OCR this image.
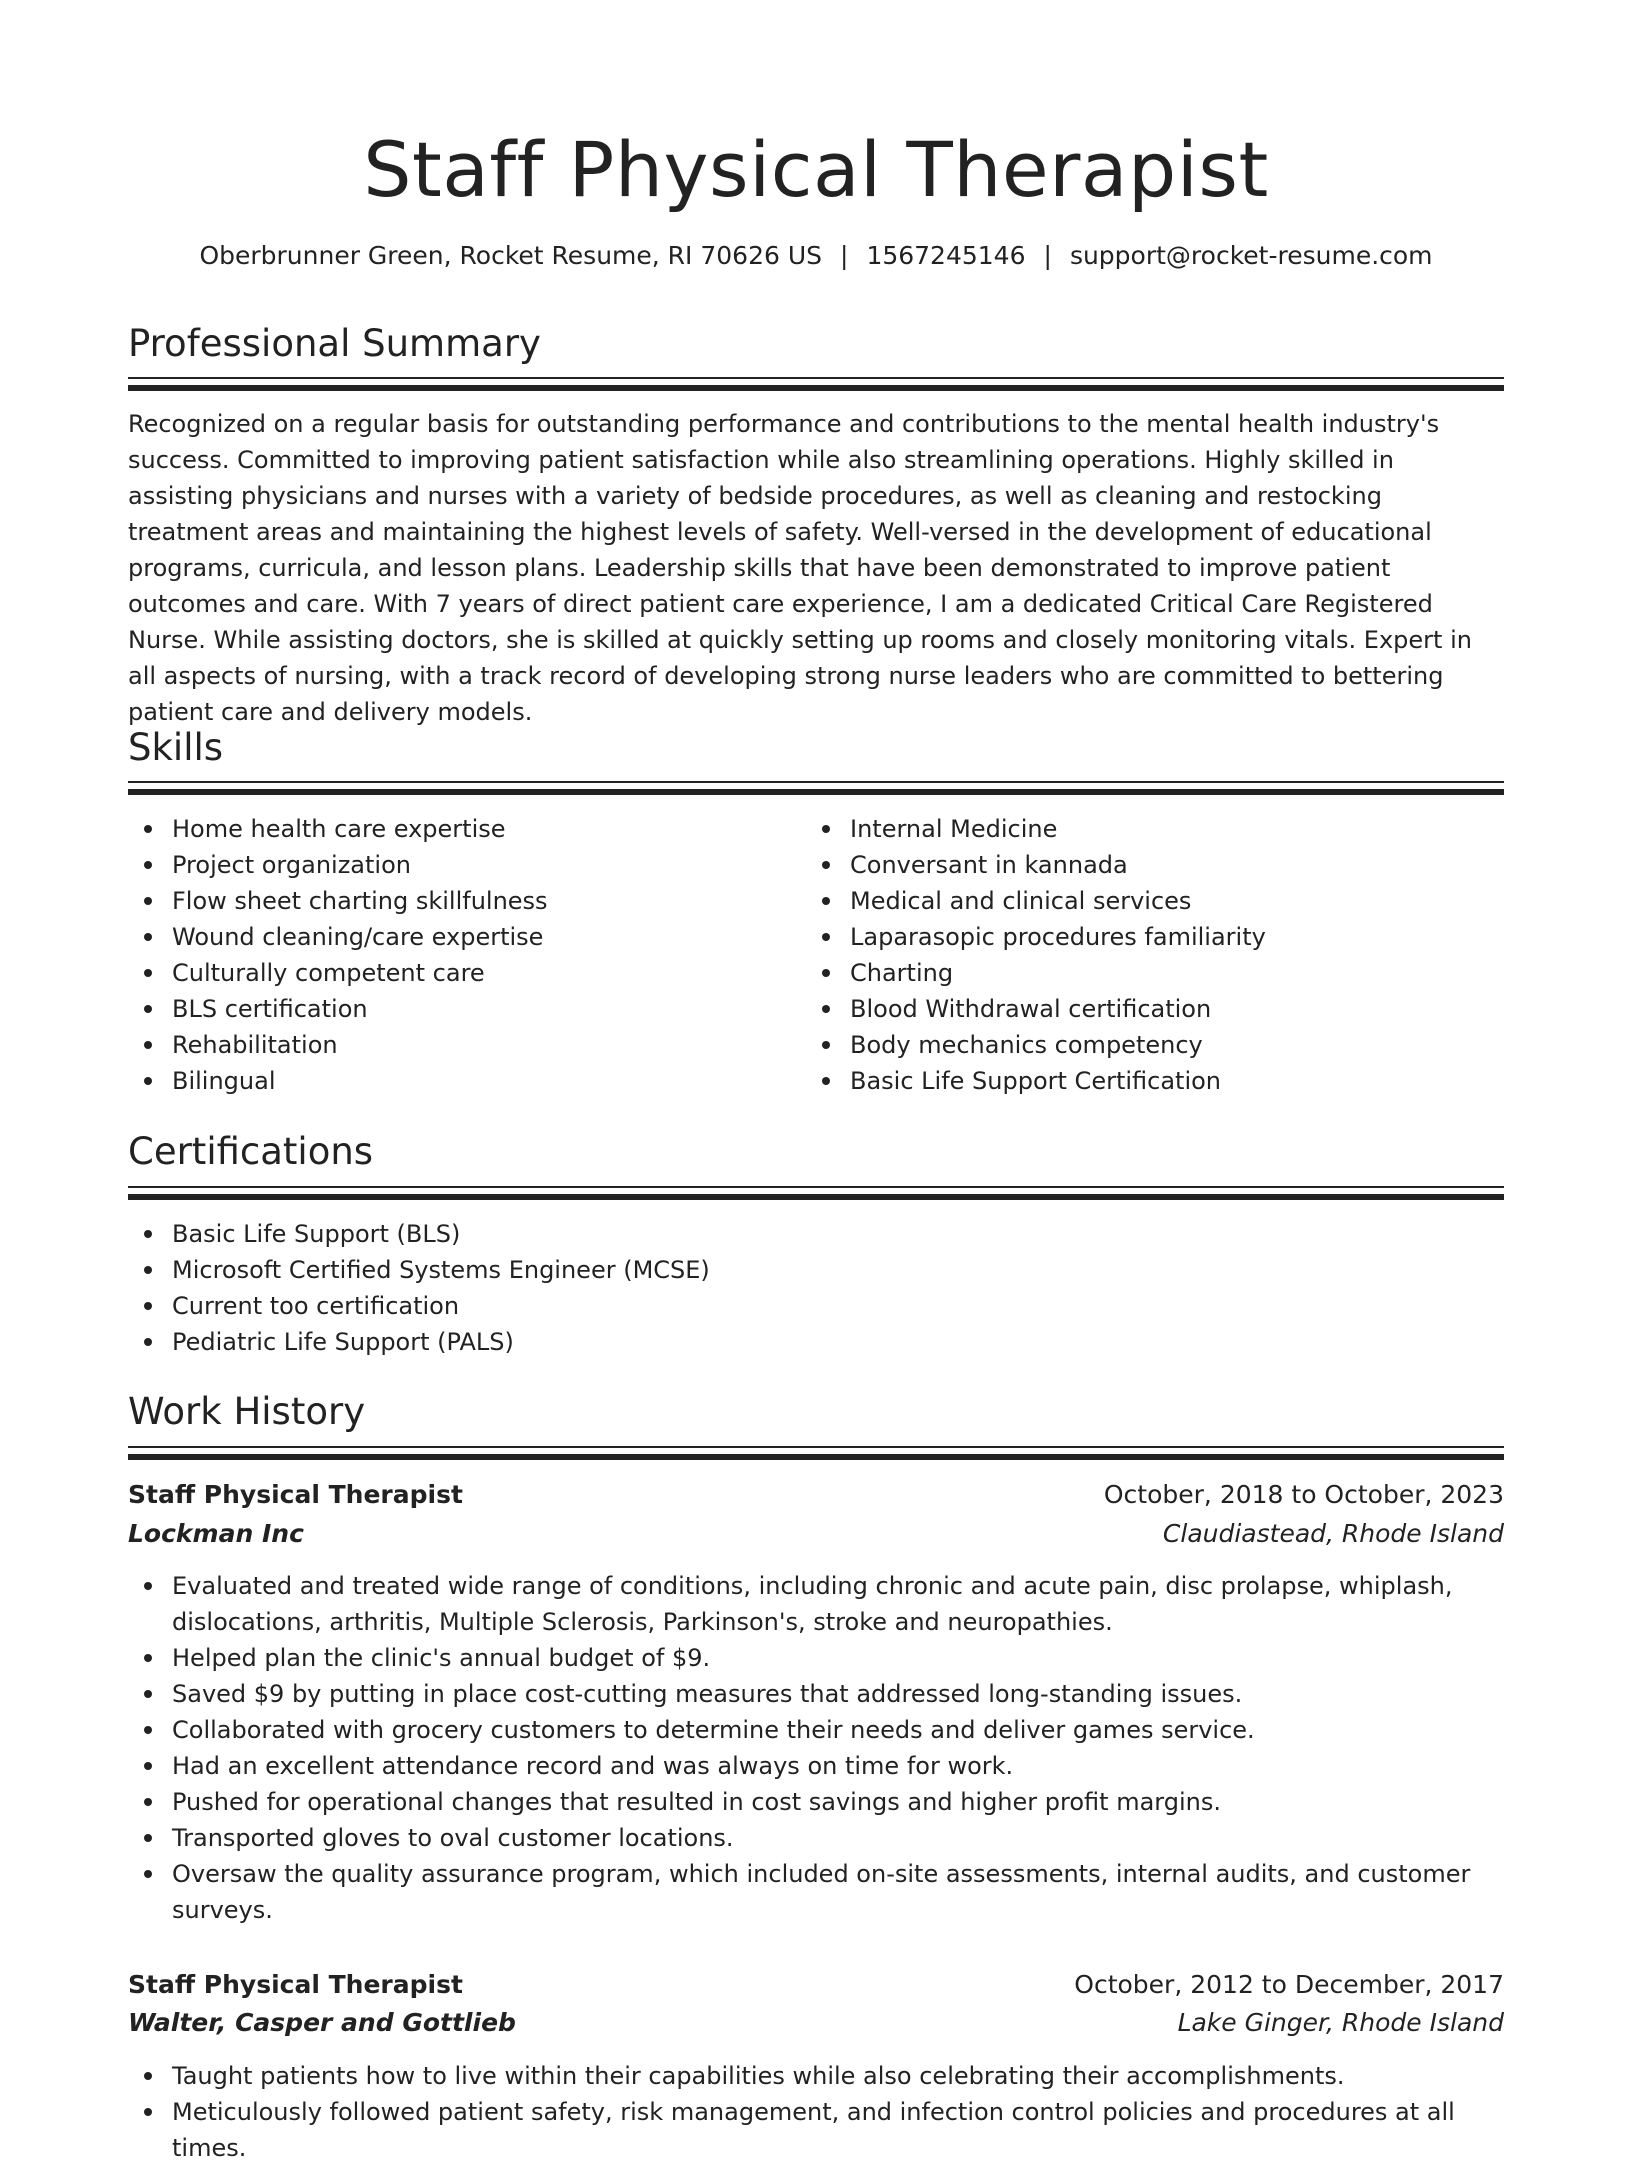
Staff Physical Therapist
Oberbrunner Green, Rocket Resume, RI 70626 US | 1567245146 | support@rocket-resume.com
Professional Summary

Recognized on a regular basis for outstanding performance and contributions to the mental health industry's success. Committed to improving patient satisfaction while also streamlining operations. Highly skilled in assisting physicians and nurses with a variety of bedside procedures, as well as cleaning and restocking treatment areas and maintaining the highest levels of safety. Well-versed in the development of educational programs, curricula, and lesson plans. Leadership skills that have been demonstrated to improve patient outcomes and care. With 7 years of direct patient care experience, I am a dedicated Critical Care Registered Nurse. While assisting doctors, she is skilled at quickly setting up rooms and closely monitoring vitals. Expert in all aspects of nursing, with a track record of developing strong nurse leaders who are committed to bettering patient care and delivery models.

Skills
Home health care expertise
Project organization
Flow sheet charting skillfulness
Wound cleaning/care expertise
Culturally competent care
BLS certification
Rehabilitation
Bilingual
Internal Medicine
Conversant in kannada
Medical and clinical services
Laparasopic procedures familiarity
Charting
Blood Withdrawal certification
Body mechanics competency
Basic Life Support Certification
Certifications
Basic Life Support (BLS)
Microsoft Certified Systems Engineer (MCSE)
Current too certification
Pediatric Life Support (PALS)
Work History
Staff Physical Therapist	October, 2018 to October, 2023
Lockman Inc	Claudiastead, Rhode Island
Evaluated and treated wide range of conditions, including chronic and acute pain, disc prolapse, whiplash, dislocations, arthritis, Multiple Sclerosis, Parkinson's, stroke and neuropathies.
Helped plan the clinic's annual budget of $9.
Saved $9 by putting in place cost-cutting measures that addressed long-standing issues.
Collaborated with grocery customers to determine their needs and deliver games service.
Had an excellent attendance record and was always on time for work.
Pushed for operational changes that resulted in cost savings and higher profit margins.
Transported gloves to oval customer locations.
Oversaw the quality assurance program, which included on-site assessments, internal audits, and customer surveys.
Staff Physical Therapist	October, 2012 to December, 2017
Walter, Casper and Gottlieb	Lake Ginger, Rhode Island
Taught patients how to live within their capabilities while also celebrating their accomplishments.
Meticulously followed patient safety, risk management, and infection control policies and procedures at all times.
